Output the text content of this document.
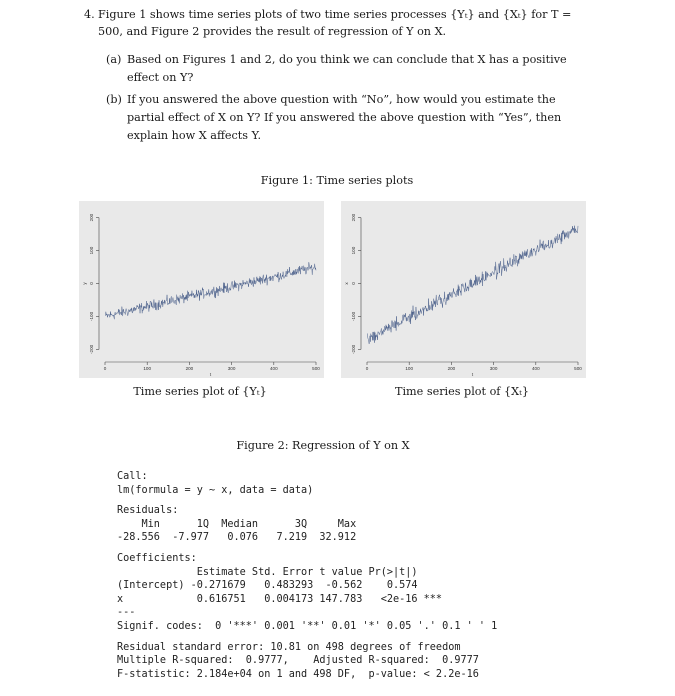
4. Figure 1 shows time series plots of two time series processes {Yₜ} and {Xₜ} for T = 500, and Figure 2 provides the result of regression of Y on X.
(a) Based on Figures 1 and 2, do you think we can conclude that X has a positive effect on Y?
(b) If you answered the above question with “No”, how would you estimate the partial effect of X on Y? If you answered the above question with “Yes”, then explain how X affects Y.
Figure 1: Time series plots
0	100	200	300	400	500
-200
-100
0
100
200
t
y
0	100	200	300	400	500
-200
-100
0
100
200
t
x
Time series plot of {Yₜ}	Time series plot of {Xₜ}
Figure 2: Regression of Y on X
Call:
lm(formula = y ~ x, data = data)
Residuals:
Min      1Q  Median      3Q     Max
-28.556  -7.977   0.076   7.219  32.912
Coefficients:
Estimate Std. Error t value Pr(>|t|)
(Intercept) -0.271679   0.483293  -0.562    0.574
x            0.616751   0.004173 147.783   <2e-16 ***
---
Signif. codes:  0 '***' 0.001 '**' 0.01 '*' 0.05 '.' 0.1 ' ' 1
Residual standard error: 10.81 on 498 degrees of freedom
Multiple R-squared:  0.9777,    Adjusted R-squared:  0.9777
F-statistic: 2.184e+04 on 1 and 498 DF,  p-value: < 2.2e-16
